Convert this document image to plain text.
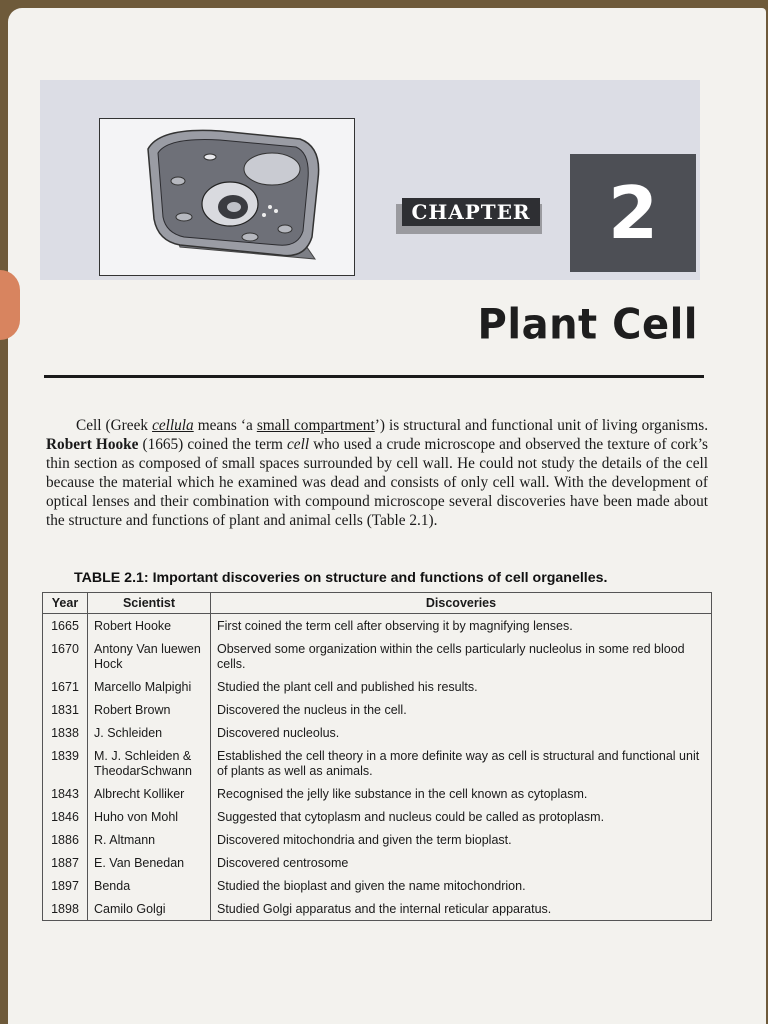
CHAPTER	2
Plant Cell

Cell (Greek cellula means ‘a small compartment’) is structural and functional unit of living organisms. Robert Hooke (1665) coined the term cell who used a crude microscope and observed the texture of cork’s thin section as composed of small spaces surrounded by cell wall. He could not study the details of the cell because the material which he examined was dead and consists of only cell wall. With the development of optical lenses and their combination with compound microscope several discoveries have been made about the structure and functions of plant and animal cells (Table 2.1).

TABLE 2.1: Important discoveries on structure and functions of cell organelles.
Year	Scientist	Discoveries
1665	Robert Hooke	First coined the term cell after observing it by magnifying lenses.
1670	Antony Van luewen Hock	Observed some organization within the cells particularly nucleolus in some red blood cells.
1671	Marcello Malpighi	Studied the plant cell and published his results.
1831	Robert Brown	Discovered the nucleus in the cell.
1838	J. Schleiden	Discovered nucleolus.
1839	M. J. Schleiden & TheodarSchwann	Established the cell theory in a more definite way as cell is structural and functional unit of plants as well as animals.
1843	Albrecht Kolliker	Recognised the jelly like substance in the cell known as cytoplasm.
1846	Huho von Mohl	Suggested that cytoplasm and nucleus could be called as protoplasm.
1886	R. Altmann	Discovered mitochondria and given the term bioplast.
1887	E. Van Benedan	Discovered centrosome
1897	Benda	Studied the bioplast and given the name mitochondrion.
1898	Camilo Golgi	Studied Golgi apparatus and the internal reticular apparatus.
